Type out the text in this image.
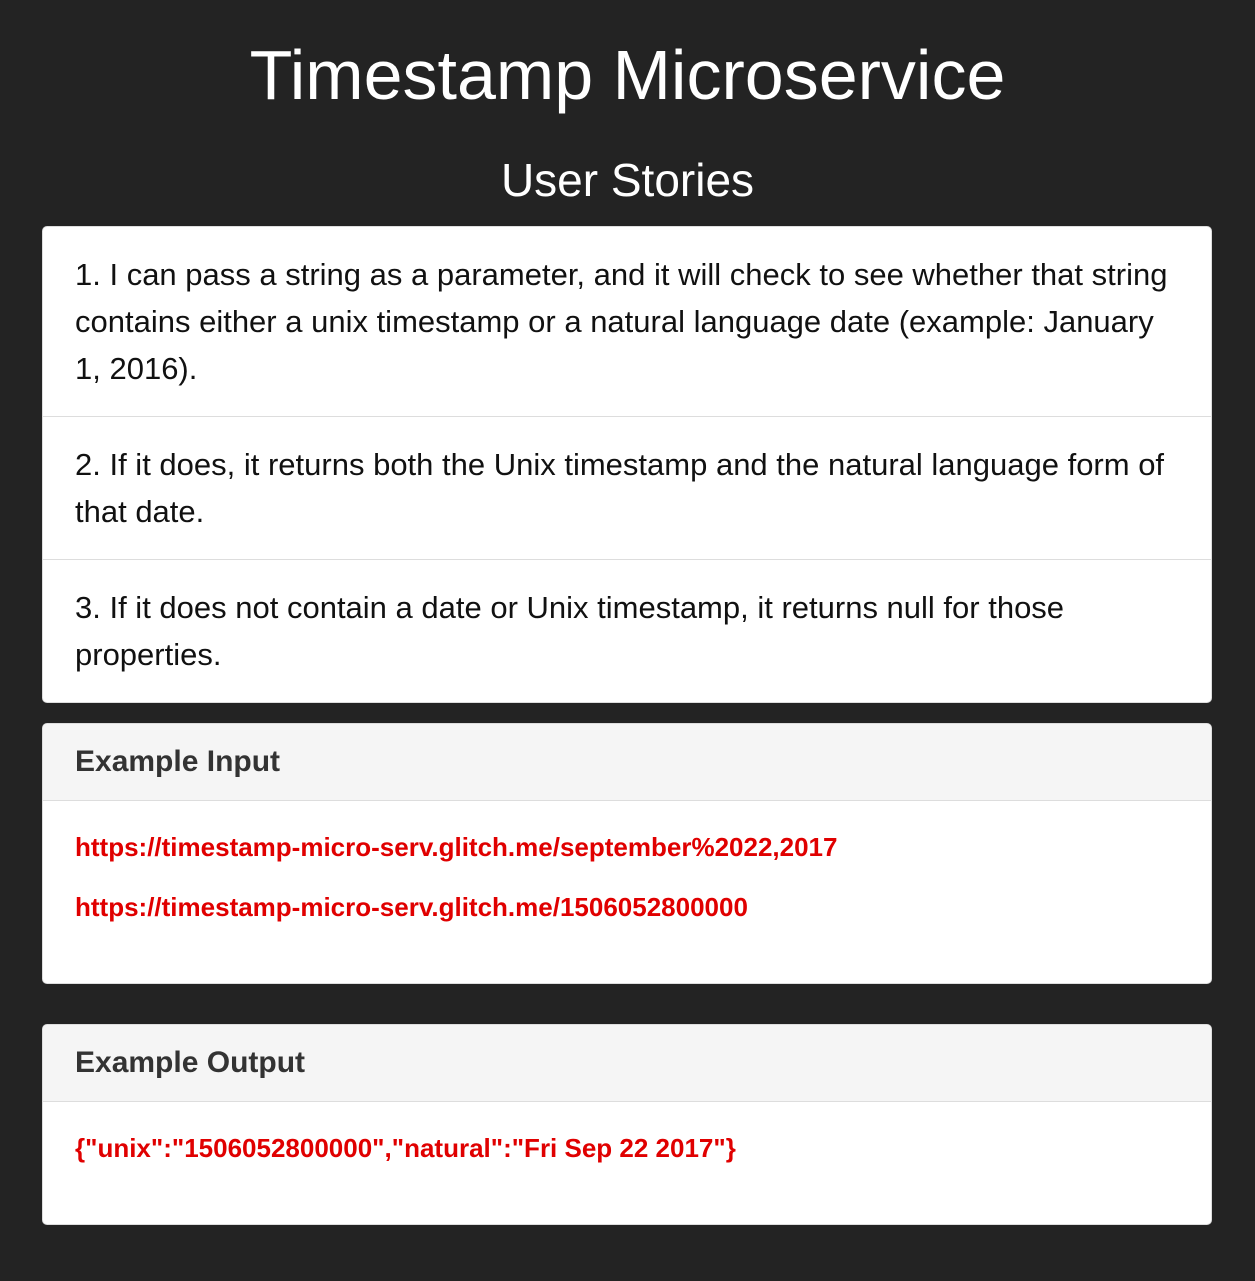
Timestamp Microservice
User Stories
1. I can pass a string as a parameter, and it will check to see whether that string contains either a unix timestamp or a natural language date (example: January 1, 2016).
2. If it does, it returns both the Unix timestamp and the natural language form of that date.
3. If it does not contain a date or Unix timestamp, it returns null for those properties.
Example Input
https://timestamp-micro-serv.glitch.me/september%2022,2017
https://timestamp-micro-serv.glitch.me/1506052800000
Example Output
{"unix":"1506052800000","natural":"Fri Sep 22 2017"}
